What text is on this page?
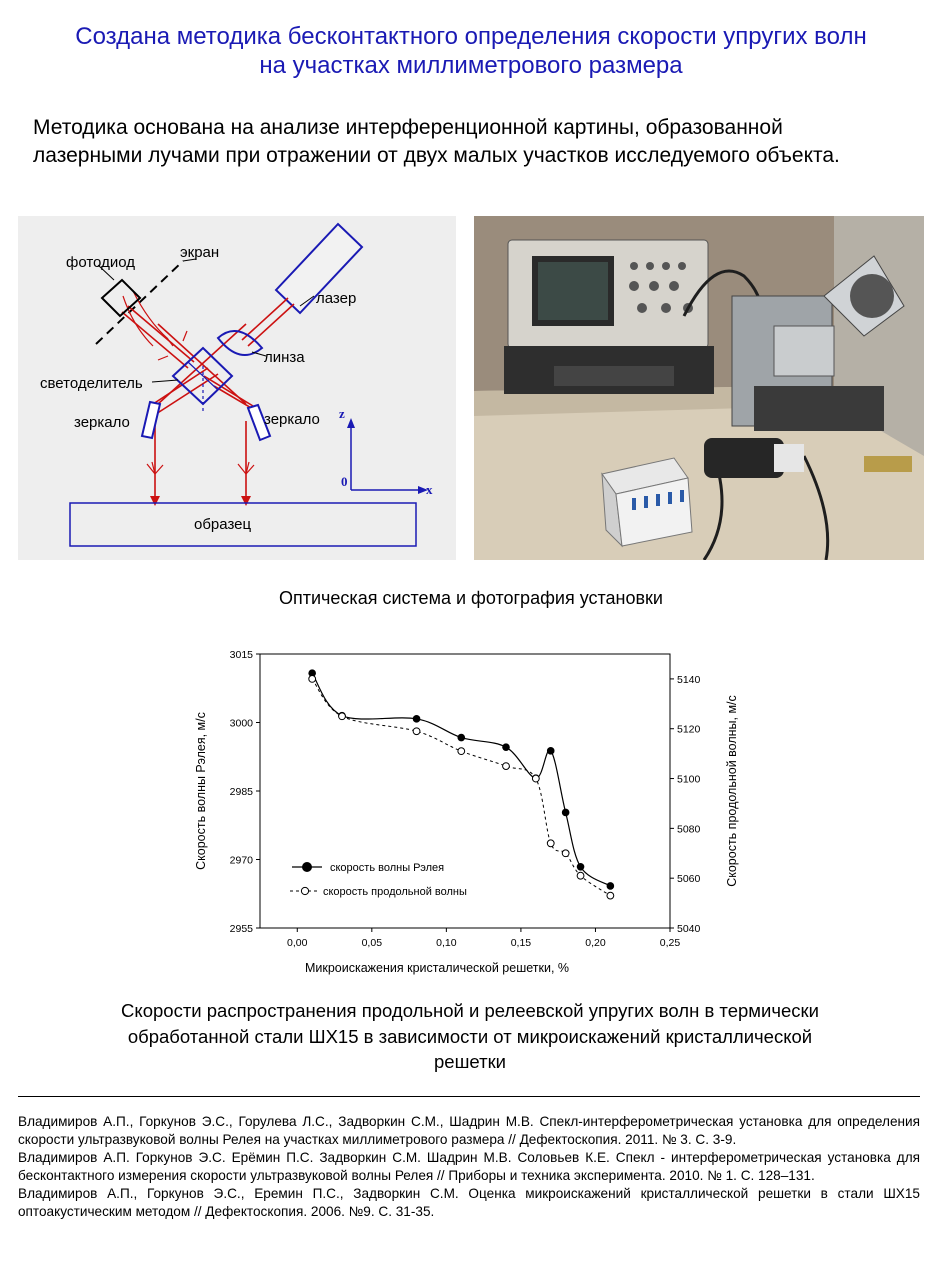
Создана методика бесконтактного определения скорости упругих волн
на участках миллиметрового размера
Методика основана на анализе интерференционной картины, образованной лазерными лучами при отражении от двух малых участков исследуемого объекта.
фотодиод
экран
лазер
линза
светоделитель
зеркало	зеркало
образец
z
x
0
Оптическая система и фотография установки
0,00	0,05	0,10	0,15	0,20	0,25
2955
2970
2985
3000
3015
5040
5060
5080
5100
5120
5140
скорость волны Рэлея
скорость продольной волны
Микроискажения кристалической решетки, %
Скорость волны Рэлея, м/с	Скорость продольной волны, м/с
Скорости распространения продольной и релеевской упругих волн в термически обработанной стали ШХ15 в зависимости от микроискажений кристаллической решетки

Владимиров А.П., Горкунов Э.С., Горулева Л.С., Задворкин С.М., Шадрин М.В. Спекл-интерферометрическая установка для определения скорости ультразвуковой волны Релея на участках миллиметрового размера // Дефектоскопия. 2011. № 3. С. 3-9.

Владимиров А.П. Горкунов Э.С. Ерёмин П.С. Задворкин С.М. Шадрин М.В. Соловьев К.Е. Спекл - интерферометрическая установка для бесконтактного измерения скорости ультразвуковой волны Релея // Приборы и техника эксперимента. 2010. № 1. С. 128–131.

Владимиров А.П., Горкунов Э.С., Еремин П.С., Задворкин С.М. Оценка микроискажений кристаллической решетки в стали ШХ15 оптоакустическим методом // Дефектоскопия. 2006. №9. С. 31-35.
